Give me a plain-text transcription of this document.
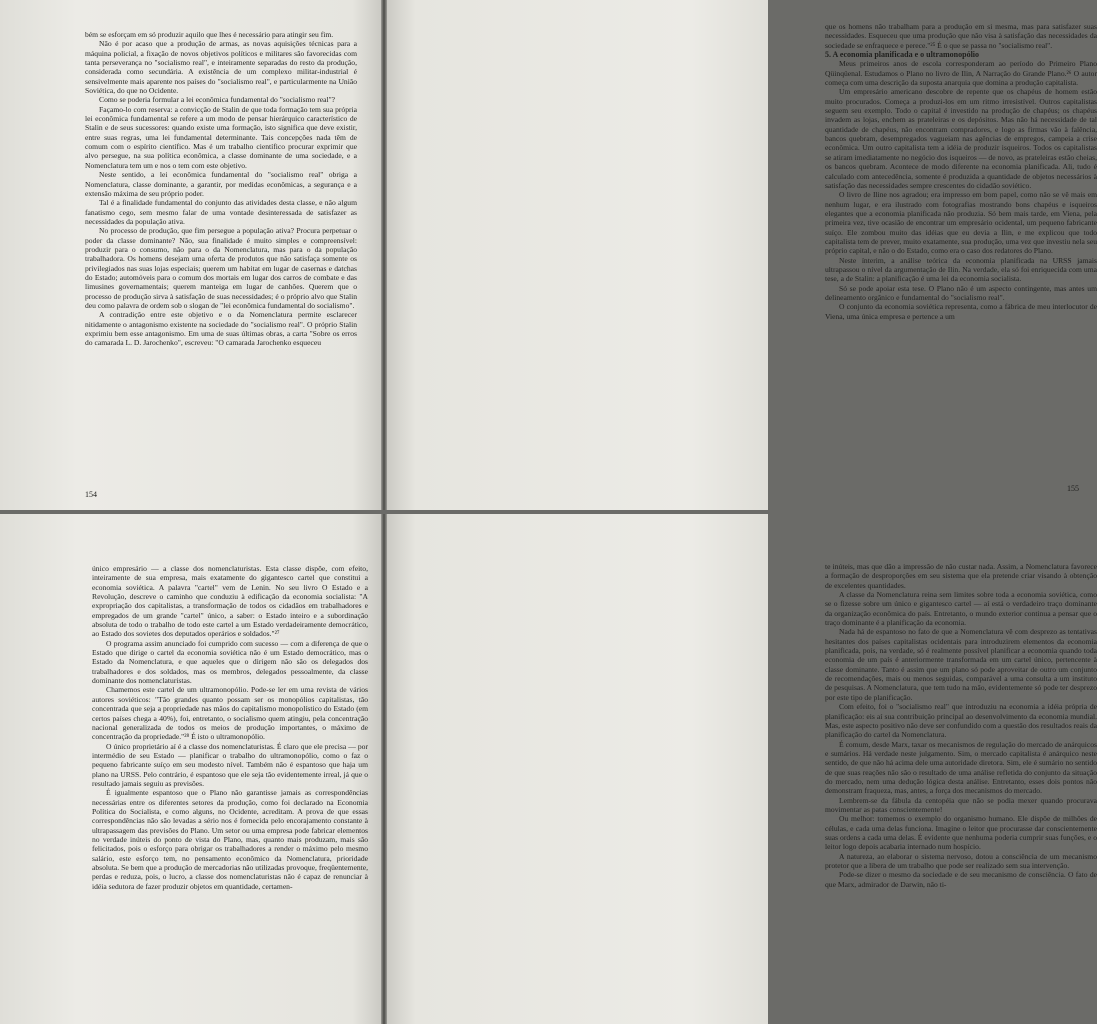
bém se esforçam em só produzir aquilo que lhes é necessário para atingir seu fim.

Não é por acaso que a produção de armas, as novas aquisições técnicas para a máquina policial, a fixação de novos objetivos políticos e militares são favorecidas com tanta perseverança no "socialismo real", e inteiramente separadas do resto da produção, considerada como secundária. A existência de um complexo militar-industrial é sensivelmente mais aparente nos países do "socialismo real", e particularmente na União Soviética, do que no Ocidente.

Como se poderia formular a lei econômica fundamental do "socialismo real"?

Façamo-lo com reserva: a convicção de Stalin de que toda formação tem sua própria lei econômica fundamental se refere a um modo de pensar hierárquico característico de Stalin e de seus sucessores: quando existe uma formação, isto significa que deve existir, entre suas regras, uma lei fundamental determinante. Tais concepções nada têm de comum com o espírito científico. Mas é um trabalho científico procurar exprimir que alvo persegue, na sua política econômica, a classe dominante de uma sociedade, e a Nomenclatura tem um e nos o tem com este objetivo.

Neste sentido, a lei econômica fundamental do "socialismo real" obriga a Nomenclatura, classe dominante, a garantir, por medidas econômicas, a segurança e a extensão máxima de seu próprio poder.

Tal é a finalidade fundamental do conjunto das atividades desta classe, e não algum fanatismo cego, sem mesmo falar de uma vontade desinteressada de satisfazer as necessidades da população ativa.

No processo de produção, que fim persegue a população ativa? Procura perpetuar o poder da classe dominante? Não, sua finalidade é muito simples e compreensível: produzir para o consumo, não para o da Nomenclatura, mas para o da população trabalhadora. Os homens desejam uma oferta de produtos que não satisfaça somente os privilegiados nas suas lojas especiais; querem um habitat em lugar de casernas e datchas do Estado; automóveis para o comum dos mortais em lugar dos carros de combate e das limusines governamentais; querem manteiga em lugar de canhões. Querem que o processo de produção sirva à satisfação de suas necessidades; é o próprio alvo que Stalin deu como palavra de ordem sob o slogan de "lei econômica fundamental do socialismo".

A contradição entre este objetivo e o da Nomenclatura permite esclarecer nitidamente o antagonismo existente na sociedade do "socialismo real". O próprio Stalin exprimiu bem esse antagonismo. Em uma de suas últimas obras, a carta "Sobre os erros do camarada L. D. Jarochenko", escreveu: "O camarada Jarochenko esqueceu

154

que os homens não trabalham para a produção em si mesma, mas para satisfazer suas necessidades. Esqueceu que uma produção que não visa à satisfação das necessidades da sociedade se enfraquece e perece."²⁵ É o que se passa no "socialismo real".

5. A economia planificada e o ultramonopólio

Meus primeiros anos de escola corresponderam ao período do Primeiro Plano Qüinqüenal. Estudamos o Plano no livro de Ilin, A Narração do Grande Plano.²⁶ O autor começa com uma descrição da suposta anarquia que domina a produção capitalista.

Um empresário americano descobre de repente que os chapéus de homem estão muito procurados. Começa a produzi-los em um ritmo irresistível. Outros capitalistas seguem seu exemplo. Todo o capital é investido na produção de chapéus; os chapéus invadem as lojas, enchem as prateleiras e os depósitos. Mas não há necessidade de tal quantidade de chapéus, não encontram compradores, e logo as firmas vão à falência, bancos quebram, desempregados vagueiam nas agências de empregos, campeia a crise econômica. Um outro capitalista tem a idéia de produzir isqueiros. Todos os capitalistas se atiram imediatamente no negócio dos isqueiros — de novo, as prateleiras estão cheias, os bancos quebram. Acontece de modo diferente na economia planificada. Ali, tudo é calculado com antecedência, somente é produzida a quantidade de objetos necessários à satisfação das necessidades sempre crescentes do cidadão soviético.

O livro de Iline nos agradou; era impresso em bom papel, como não se vê mais em nenhum lugar, e era ilustrado com fotografias mostrando bons chapéus e isqueiros elegantes que a economia planificada não produzia. Só bem mais tarde, em Viena, pela primeira vez, tive ocasião de encontrar um empresário ocidental, um pequeno fabricante suíço. Ele zombou muito das idéias que eu devia a Ilin, e me explicou que todo capitalista tem de prever, muito exatamente, sua produção, uma vez que investiu nela seu próprio capital, e não o do Estado, como era o caso dos redatores do Plano.

Neste ínterim, a análise teórica da economia planificada na URSS jamais ultrapassou o nível da argumentação de Ilin. Na verdade, ela só foi enriquecida com uma tese, a de Stalin: a planificação é uma lei da economia socialista.

Só se pode apoiar esta tese. O Plano não é um aspecto contingente, mas antes um delineamento orgânico e fundamental do "socialismo real".

O conjunto da economia soviética representa, como a fábrica de meu interlocutor de Viena, uma única empresa e pertence a um

155

único empresário — a classe dos nomenclaturistas. Esta classe dispõe, com efeito, inteiramente de sua empresa, mais exatamente do gigantesco cartel que constitui a economia soviética. A palavra "cartel" vem de Lenin. No seu livro O Estado e a Revolução, descreve o caminho que conduziu à edificação da economia socialista: "A expropriação dos capitalistas, a transformação de todos os cidadãos em trabalhadores e empregados de um grande "cartel" único, a saber: o Estado inteiro e a subordinação absoluta de todo o trabalho de todo este cartel a um Estado verdadeiramente democrático, ao Estado dos sovietes dos deputados operários e soldados."²⁷

O programa assim anunciado foi cumprido com sucesso — com a diferença de que o Estado que dirige o cartel da economia soviética não é um Estado democrático, mas o Estado da Nomenclatura, e que aqueles que o dirigem não são os delegados dos trabalhadores e dos soldados, mas os membros, delegados pessoalmente, da classe dominante dos nomenclaturistas.

Chamemos este cartel de um ultramonopólio. Pode-se ler em uma revista de vários autores soviéticos: "Tão grandes quanto possam ser os monopólios capitalistas, tão concentrada que seja a propriedade nas mãos do capitalismo monopolístico do Estado (em certos países chega a 40%), foi, entretanto, o socialismo quem atingiu, pela concentração nacional generalizada de todos os meios de produção importantes, o máximo de concentração da propriedade."²⁸ É isto o ultramonopólio.

O único proprietário aí é a classe dos nomenclaturistas. É claro que ele precisa — por intermédio de seu Estado — planificar o trabalho do ultramonopólio, como o faz o pequeno fabricante suíço em seu modesto nível. Também não é espantoso que haja um plano na URSS. Pelo contrário, é espantoso que ele seja tão evidentemente irreal, já que o resultado jamais seguiu as previsões.

É igualmente espantoso que o Plano não garantisse jamais as correspondências necessárias entre os diferentes setores da produção, como foi declarado na Economia Política do Socialista, e como alguns, no Ocidente, acreditam. A prova de que essas correspondências não são levadas a sério nos é fornecida pelo encorajamento constante à ultrapassagem das previsões do Plano. Um setor ou uma empresa pode fabricar elementos no verdade inúteis do ponto de vista do Plano, mas, quanto mais produzam, mais são felicitados, pois o esforço para obrigar os trabalhadores a render o máximo pelo mesmo salário, este esforço tem, no pensamento econômico da Nomenclatura, prioridade absoluta. Se bem que a produção de mercadorias não utilizadas provoque, freqüentemente, perdas e reduza, pois, o lucro, a classe dos nomenclaturistas não é capaz de renunciar à idéia sedutora de fazer produzir objetos em quantidade, certamen-

te inúteis, mas que dão a impressão de não custar nada. Assim, a Nomenclatura favorece a formação de desproporções em seu sistema que ela pretende criar visando à obtenção de excelentes quantidades.

A classe da Nomenclatura reina sem limites sobre toda a economia soviética, como se o fizesse sobre um único e gigantesco cartel — aí está o verdadeiro traço dominante da organização econômica do país. Entretanto, o mundo exterior continua a pensar que o traço dominante é a planificação da economia.

Nada há de espantoso no fato de que a Nomenclatura vê com desprezo as tentativas hesitantes dos países capitalistas ocidentais para introduzirem elementos da economia planificada, pois, na verdade, só é realmente possível planificar a economia quando toda economia de um país é anteriormente transformada em um cartel único, pertencente à classe dominante. Tanto é assim que um plano só pode aproveitar de outro um conjunto de recomendações, mais ou menos seguidas, comparável a uma consulta a um instituto de pesquisas. A Nomenclatura, que tem tudo na mão, evidentemente só pode ter desprezo por este tipo de planificação.

Com efeito, foi o "socialismo real" que introduziu na economia a idéia própria de planificação: eis aí sua contribuição principal ao desenvolvimento da economia mundial. Mas, este aspecto positivo não deve ser confundido com a questão dos resultados reais da planificação do cartel da Nomenclatura.

É comum, desde Marx, taxar os mecanismos de regulação do mercado de anárquicos e sumários. Há verdade neste julgamento. Sim, o mercado capitalista é anárquico neste sentido, de que não há acima dele uma autoridade diretora. Sim, ele é sumário no sentido de que suas reações não são o resultado de uma análise refletida do conjunto da situação do mercado, nem uma dedução lógica desta análise. Entretanto, esses dois pontos não demonstram fraqueza, mas, antes, a força dos mecanismos do mercado.

Lembrem-se da fábula da centopéia que não se podia mexer quando procurava movimentar as patas conscientemente!

Ou melhor: tomemos o exemplo do organismo humano. Ele dispõe de milhões de células, e cada uma delas funciona. Imagine o leitor que procurasse dar conscientemente suas ordens a cada uma delas. É evidente que nenhuma poderia cumprir suas funções, e o leitor logo depois acabaria internado num hospício.

A natureza, ao elaborar o sistema nervoso, dotou a consciência de um mecanismo protetor que a libera de um trabalho que pode ser realizado sem sua intervenção.

Pode-se dizer o mesmo da sociedade e de seu mecanismo de consciência. O fato de que Marx, admirador de Darwin, não ti-
